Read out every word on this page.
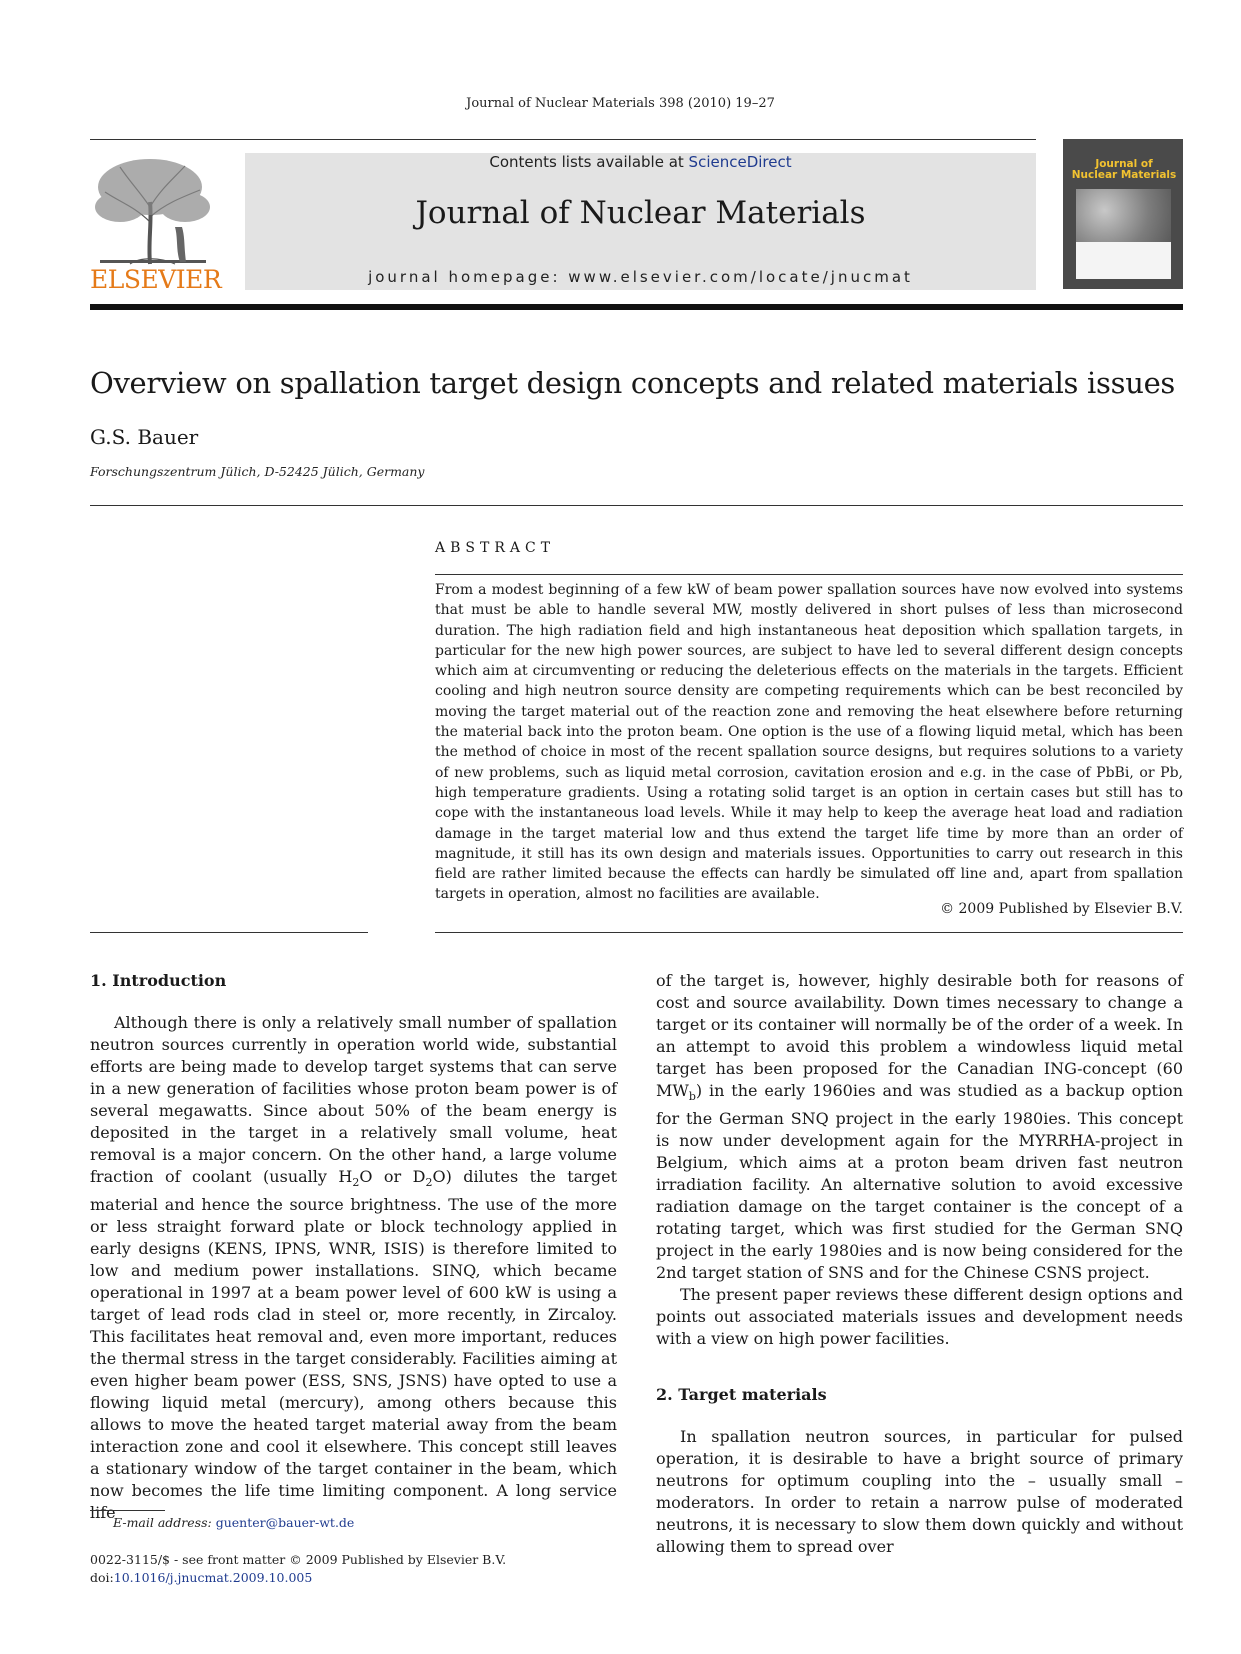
Journal of Nuclear Materials 398 (2010) 19–27
ELSEVIER
Contents lists available at ScienceDirect
Journal of Nuclear Materials
journal homepage: www.elsevier.com/locate/jnucmat
Journal of
Nuclear Materials
Overview on spallation target design concepts and related materials issues
G.S. Bauer
Forschungszentrum Jülich, D-52425 Jülich, Germany
ABSTRACT
From a modest beginning of a few kW of beam power spallation sources have now evolved into systems that must be able to handle several MW, mostly delivered in short pulses of less than microsecond duration. The high radiation field and high instantaneous heat deposition which spallation targets, in particular for the new high power sources, are subject to have led to several different design concepts which aim at circumventing or reducing the deleterious effects on the materials in the targets. Efficient cooling and high neutron source density are competing requirements which can be best reconciled by moving the target material out of the reaction zone and removing the heat elsewhere before returning the material back into the proton beam. One option is the use of a flowing liquid metal, which has been the method of choice in most of the recent spallation source designs, but requires solutions to a variety of new problems, such as liquid metal corrosion, cavitation erosion and e.g. in the case of PbBi, or Pb, high temperature gradients. Using a rotating solid target is an option in certain cases but still has to cope with the instantaneous load levels. While it may help to keep the average heat load and radiation damage in the target material low and thus extend the target life time by more than an order of magnitude, it still has its own design and materials issues. Opportunities to carry out research in this field are rather limited because the effects can hardly be simulated off line and, apart from spallation targets in operation, almost no facilities are available.
© 2009 Published by Elsevier B.V.

1. Introduction

Although there is only a relatively small number of spallation neutron sources currently in operation world wide, substantial efforts are being made to develop target systems that can serve in a new generation of facilities whose proton beam power is of several megawatts. Since about 50% of the beam energy is deposited in the target in a relatively small volume, heat removal is a major concern. On the other hand, a large volume fraction of coolant (usually $H_2O$ or $D_2O$) dilutes the target material and hence the source brightness. The use of the more or less straight forward plate or block technology applied in early designs (KENS, IPNS, WNR, ISIS) is therefore limited to low and medium power installations. SINQ, which became operational in 1997 at a beam power level of 600 kW is using a target of lead rods clad in steel or, more recently, in Zircaloy. This facilitates heat removal and, even more important, reduces the thermal stress in the target considerably. Facilities aiming at even higher beam power (ESS, SNS, JSNS) have opted to use a flowing liquid metal (mercury), among others because this allows to move the heated target material away from the beam interaction zone and cool it elsewhere. This concept still leaves a stationary window of the target container in the beam, which now becomes the life time limiting component. A long service life

of the target is, however, highly desirable both for reasons of cost and source availability. Down times necessary to change a target or its container will normally be of the order of a week. In an attempt to avoid this problem a windowless liquid metal target has been proposed for the Canadian ING-concept (60 $MW_b$) in the early 1960ies and was studied as a backup option for the German SNQ project in the early 1980ies. This concept is now under development again for the MYRRHA-project in Belgium, which aims at a proton beam driven fast neutron irradiation facility. An alternative solution to avoid excessive radiation damage on the target container is the concept of a rotating target, which was first studied for the German SNQ project in the early 1980ies and is now being considered for the 2nd target station of SNS and for the Chinese CSNS project.

The present paper reviews these different design options and points out associated materials issues and development needs with a view on high power facilities.

2. Target materials

In spallation neutron sources, in particular for pulsed operation, it is desirable to have a bright source of primary neutrons for optimum coupling into the – usually small – moderators. In order to retain a narrow pulse of moderated neutrons, it is necessary to slow them down quickly and without allowing them to spread over

E-mail address: guenter@bauer-wt.de
0022-3115/$ - see front matter © 2009 Published by Elsevier B.V.
doi:10.1016/j.jnucmat.2009.10.005
